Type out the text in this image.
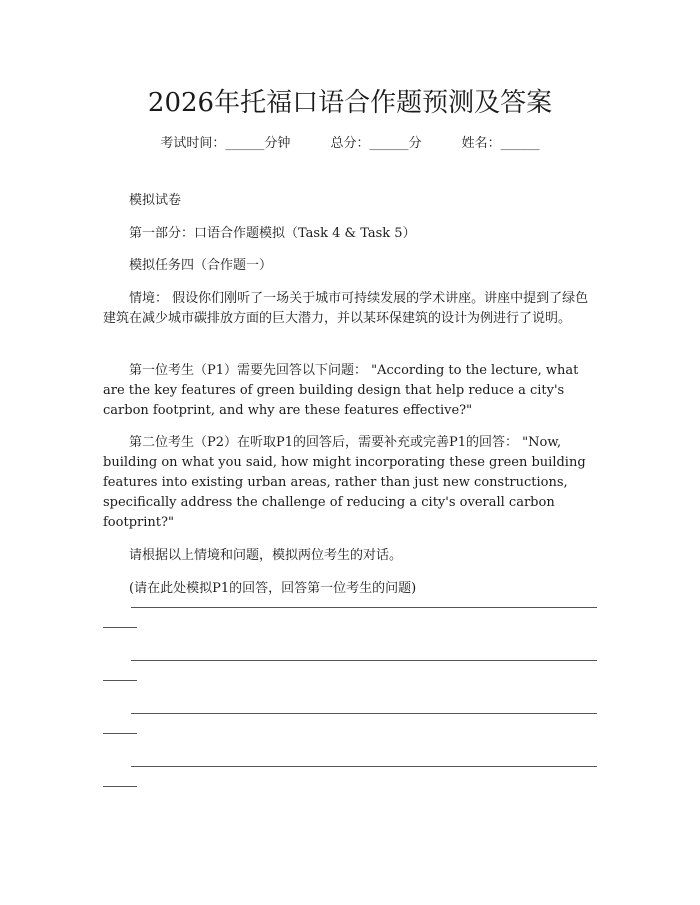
2026年托福口语合作题预测及答案
考试时间：______分钟	总分：______分	姓名：______
模拟试卷
第一部分：口语合作题模拟（Task 4 & Task 5）
模拟任务四（合作题一）
情境： 假设你们刚听了一场关于城市可持续发展的学术讲座。讲座中提到了绿色建筑在减少城市碳排放方面的巨大潜力，并以某环保建筑的设计为例进行了说明。
第一位考生（P1）需要先回答以下问题： "According to the lecture, what are the key features of green building design that help reduce a city's carbon footprint, and why are these features effective?"
第二位考生（P2）在听取P1的回答后，需要补充或完善P1的回答： "Now, building on what you said, how might incorporating these green building features into existing urban areas, rather than just new constructions, specifically address the challenge of reducing a city's overall carbon footprint?"
请根据以上情境和问题，模拟两位考生的对话。
(请在此处模拟P1的回答，回答第一位考生的问题)
